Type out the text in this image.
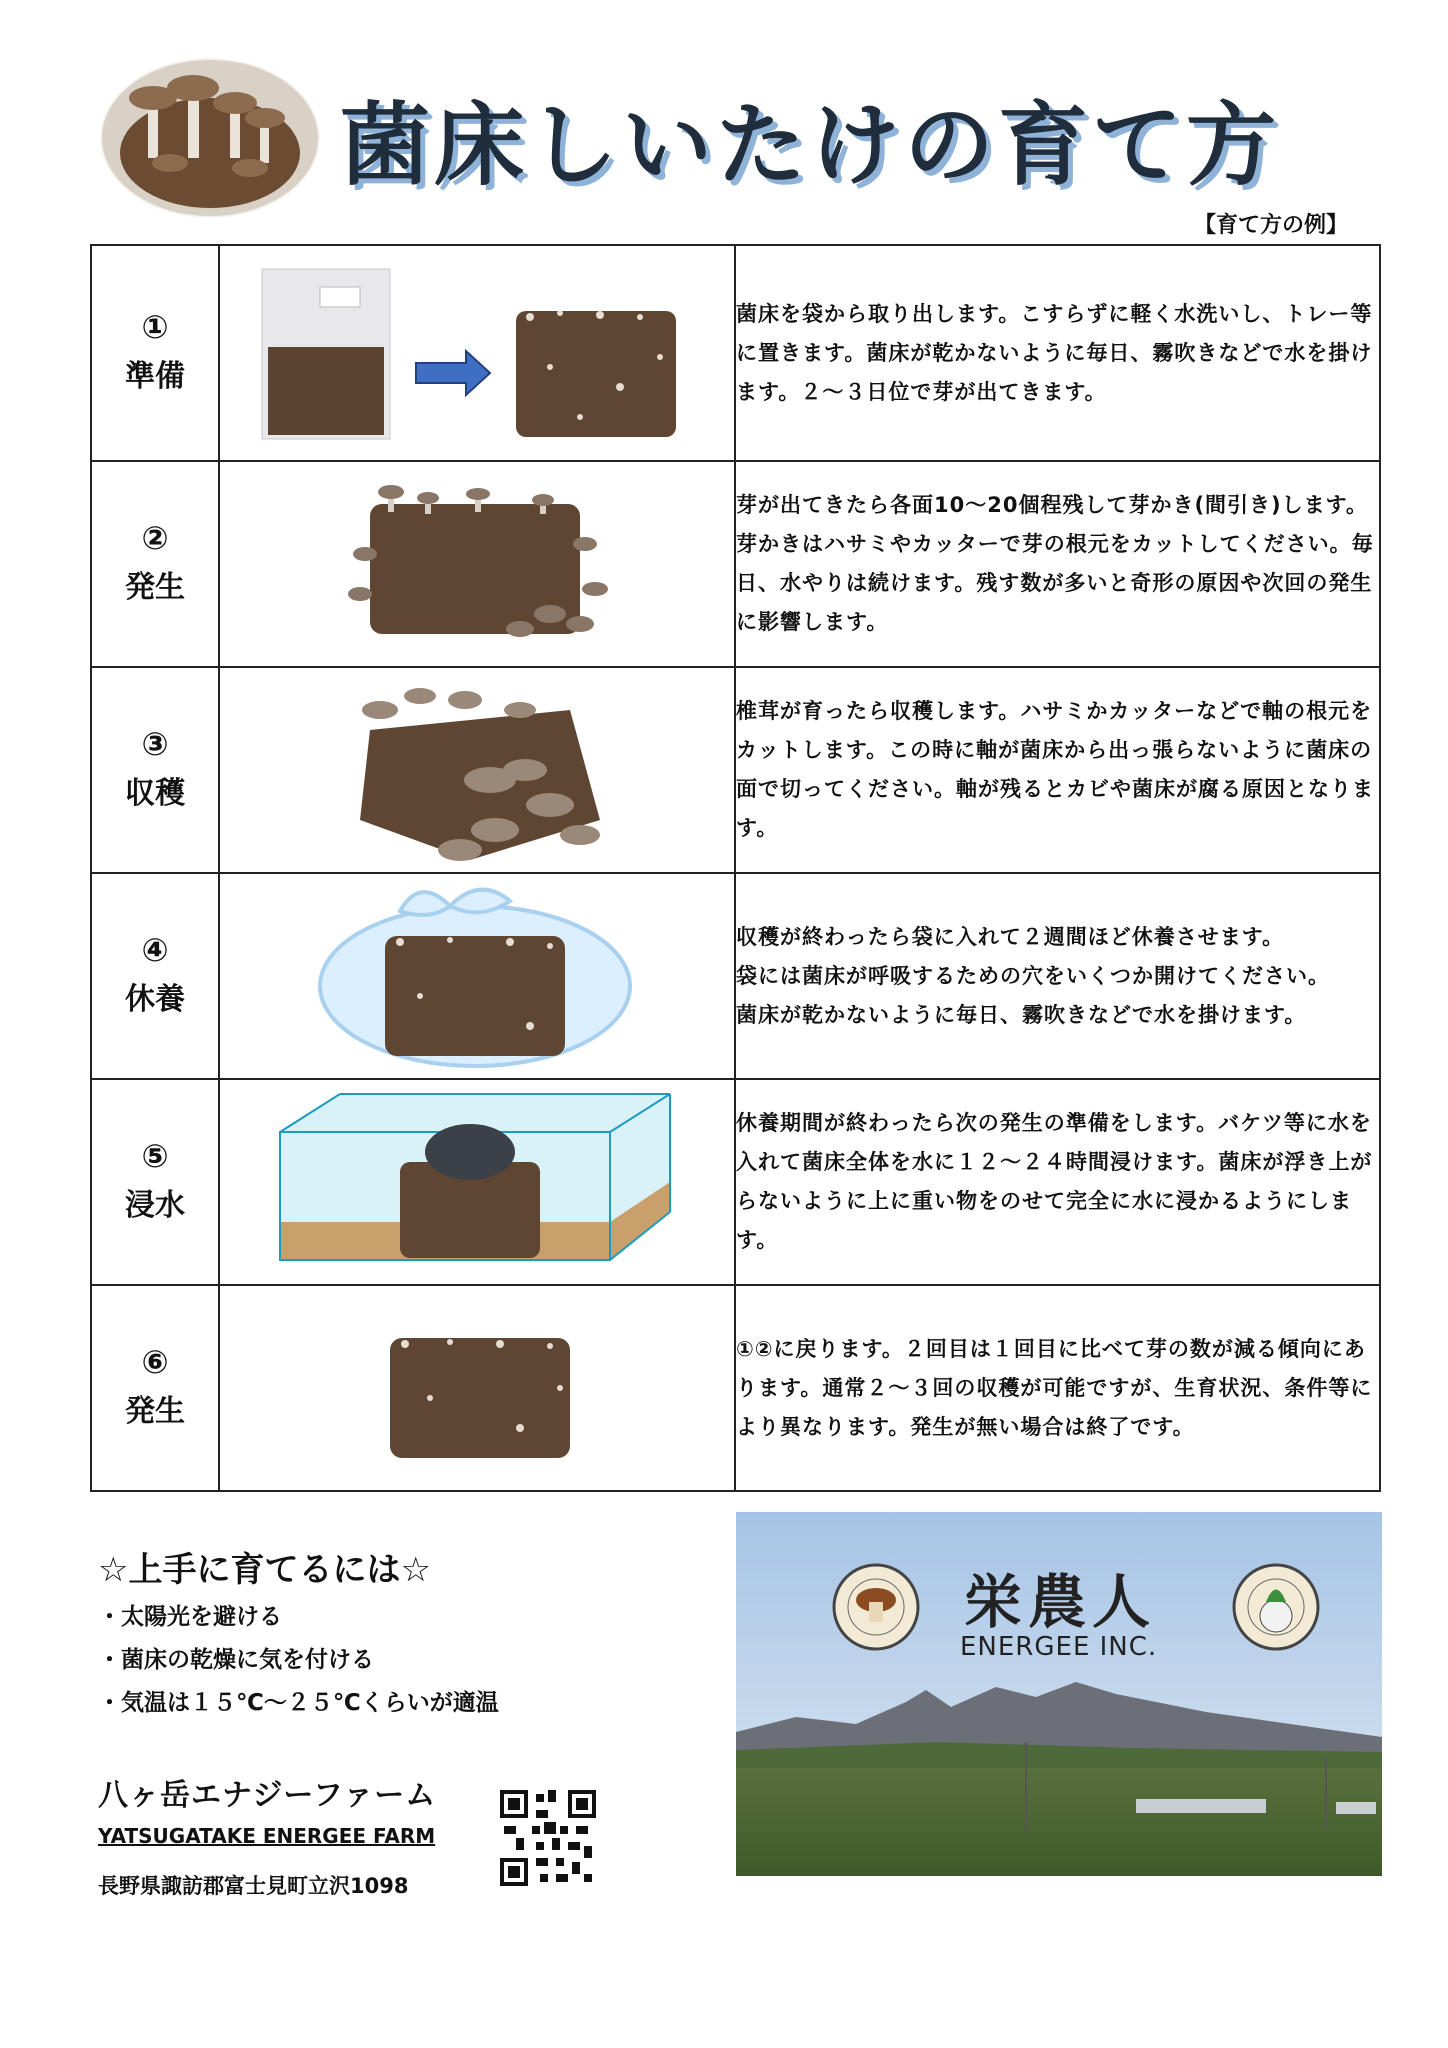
菌床しいたけの育て方
【育て方の例】
①
準備		菌床を袋から取り出します。こすらずに軽く水洗いし、トレー等に置きます。菌床が乾かないように毎日、霧吹きなどで水を掛けます。２～３日位で芽が出てきます。

②
発生		芽が出てきたら各面10～20個程残して芽かき(間引き)します。芽かきはハサミやカッターで芽の根元をカットしてください。毎日、水やりは続けます。残す数が多いと奇形の原因や次回の発生に影響します。

③
収穫		椎茸が育ったら収穫します。ハサミかカッターなどで軸の根元をカットします。この時に軸が菌床から出っ張らないように菌床の面で切ってください。軸が残るとカビや菌床が腐る原因となります。

④
休養		収穫が終わったら袋に入れて２週間ほど休養させます。
袋には菌床が呼吸するための穴をいくつか開けてください。
菌床が乾かないように毎日、霧吹きなどで水を掛けます。

⑤
浸水		休養期間が終わったら次の発生の準備をします。バケツ等に水を入れて菌床全体を水に１２～２４時間浸けます。菌床が浮き上がらないように上に重い物をのせて完全に水に浸かるようにします。

⑥
発生		①②に戻ります。２回目は１回目に比べて芽の数が減る傾向にあります。通常２～３回の収穫が可能ですが、生育状況、条件等により異なります。発生が無い場合は終了です。
☆上手に育てるには☆
・太陽光を避ける
・菌床の乾燥に気を付ける
・気温は１５℃～２５℃くらいが適温
八ヶ岳エナジーファーム
YATSUGATAKE ENERGEE FARM
長野県諏訪郡富士見町立沢1098
栄農人
ENERGEE INC.
